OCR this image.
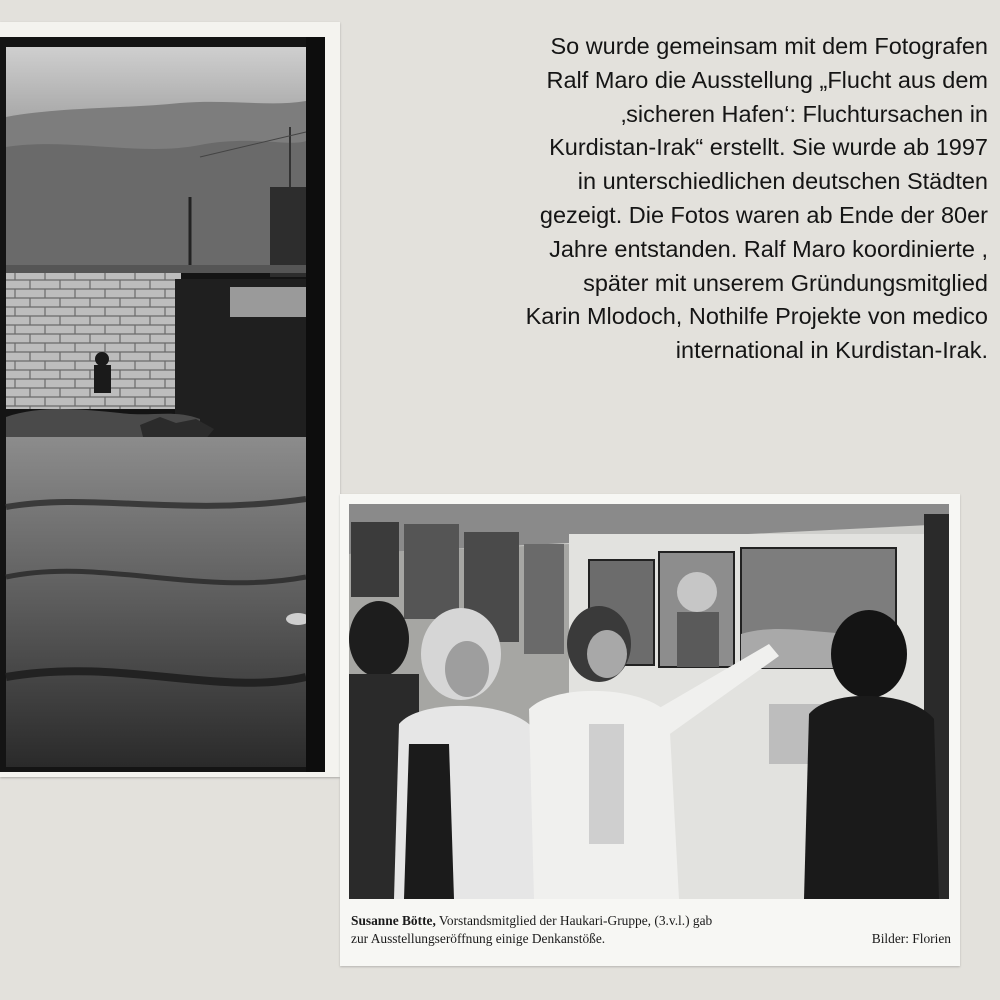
So wurde gemeinsam mit dem Fotografen
Ralf Maro die Ausstellung „Flucht aus dem
‚sicheren Hafen‘: Fluchtursachen in
Kurdistan-Irak“ erstellt. Sie wurde ab 1997
in unterschiedlichen deutschen Städten
gezeigt. Die Fotos waren ab Ende der 80er
Jahre entstanden. Ralf Maro koordinierte ,
später mit unserem Gründungsmitglied
Karin Mlodoch, Nothilfe Projekte von medico
international in Kurdistan-Irak.

Susanne Bötte, Vorstandsmitglied der Haukari-Gruppe, (3.v.l.) gab
zur Ausstellungseröffnung einige Denkanstöße.	Bilder: Florien
